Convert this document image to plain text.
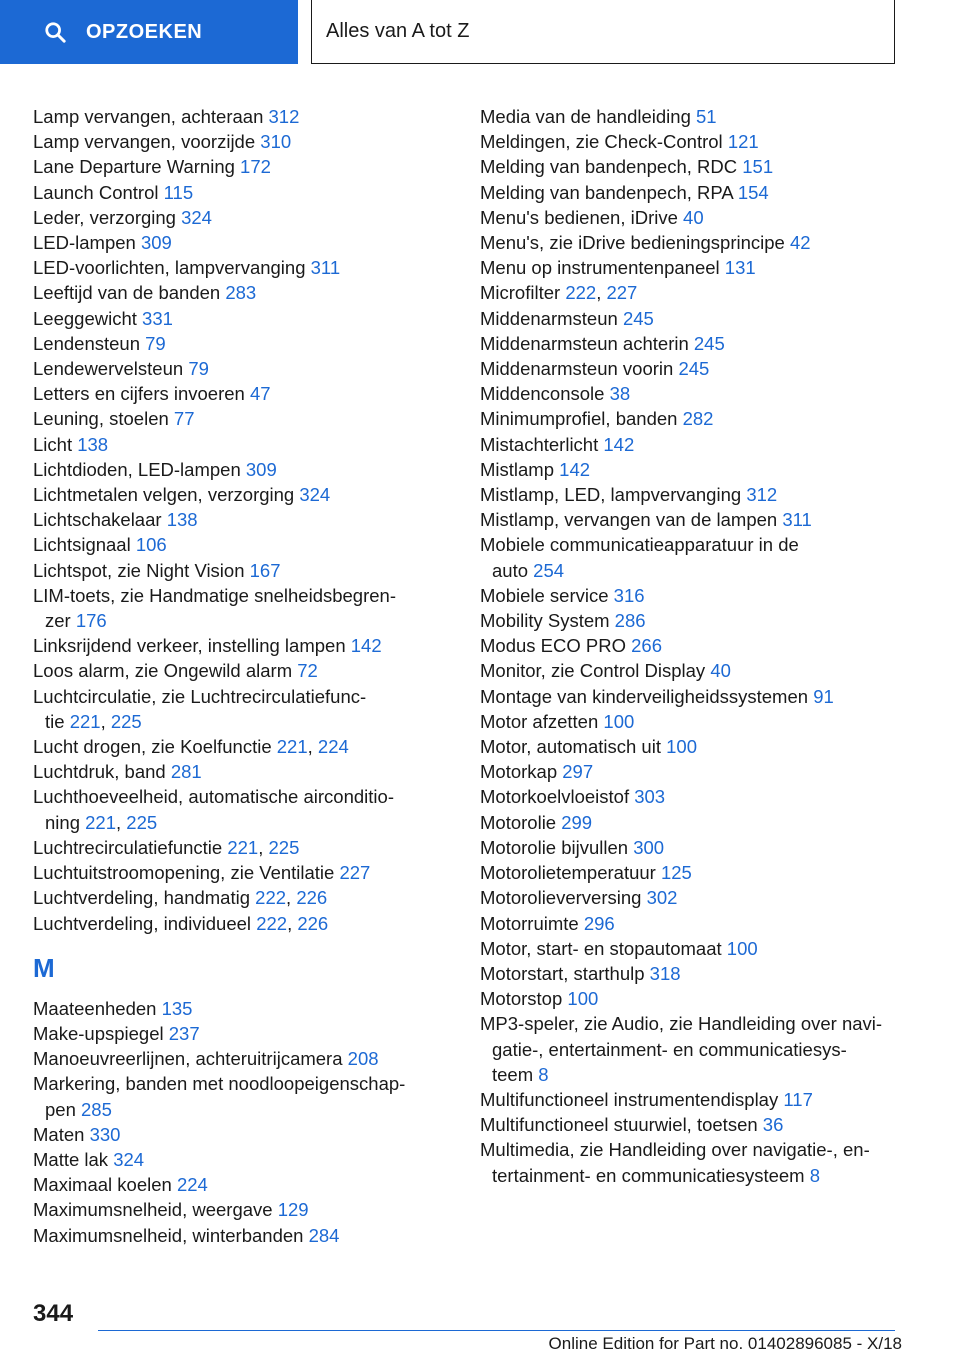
OPZOEKEN	Alles van A tot Z
Lamp vervangen, achteraan 312
Lamp vervangen, voorzijde 310
Lane Departure Warning 172
Launch Control 115
Leder, verzorging 324
LED-lampen 309
LED-voorlichten, lampvervanging 311
Leeftijd van de banden 283
Leeggewicht 331
Lendensteun 79
Lendewervelsteun 79
Letters en cijfers invoeren 47
Leuning, stoelen 77
Licht 138
Lichtdioden, LED-lampen 309
Lichtmetalen velgen, verzorging 324
Lichtschakelaar 138
Lichtsignaal 106
Lichtspot, zie Night Vision 167
LIM-toets, zie Handmatige snelheidsbegren-
zer 176
Linksrijdend verkeer, instelling lampen 142
Loos alarm, zie Ongewild alarm 72
Luchtcirculatie, zie Luchtrecirculatiefunc-
tie 221, 225
Lucht drogen, zie Koelfunctie 221, 224
Luchtdruk, band 281
Luchthoeveelheid, automatische airconditio-
ning 221, 225
Luchtrecirculatiefunctie 221, 225
Luchtuitstroomopening, zie Ventilatie 227
Luchtverdeling, handmatig 222, 226
Luchtverdeling, individueel 222, 226
M
Maateenheden 135
Make-upspiegel 237
Manoeuvreerlijnen, achteruitrijcamera 208
Markering, banden met noodloopeigenschap-
pen 285
Maten 330
Matte lak 324
Maximaal koelen 224
Maximumsnelheid, weergave 129
Maximumsnelheid, winterbanden 284
Media van de handleiding 51
Meldingen, zie Check-Control 121
Melding van bandenpech, RDC 151
Melding van bandenpech, RPA 154
Menu's bedienen, iDrive 40
Menu's, zie iDrive bedieningsprincipe 42
Menu op instrumentenpaneel 131
Microfilter 222, 227
Middenarmsteun 245
Middenarmsteun achterin 245
Middenarmsteun voorin 245
Middenconsole 38
Minimumprofiel, banden 282
Mistachterlicht 142
Mistlamp 142
Mistlamp, LED, lampvervanging 312
Mistlamp, vervangen van de lampen 311
Mobiele communicatieapparatuur in de
auto 254
Mobiele service 316
Mobility System 286
Modus ECO PRO 266
Monitor, zie Control Display 40
Montage van kinderveiligheidssystemen 91
Motor afzetten 100
Motor, automatisch uit 100
Motorkap 297
Motorkoelvloeistof 303
Motorolie 299
Motorolie bijvullen 300
Motorolietemperatuur 125
Motorolieverversing 302
Motorruimte 296
Motor, start- en stopautomaat 100
Motorstart, starthulp 318
Motorstop 100
MP3-speler, zie Audio, zie Handleiding over navi-
gatie-, entertainment- en communicatiesys-
teem 8
Multifunctioneel instrumentendisplay 117
Multifunctioneel stuurwiel, toetsen 36
Multimedia, zie Handleiding over navigatie-, en-
tertainment- en communicatiesysteem 8
344
Online Edition for Part no. 01402896085 - X/18
